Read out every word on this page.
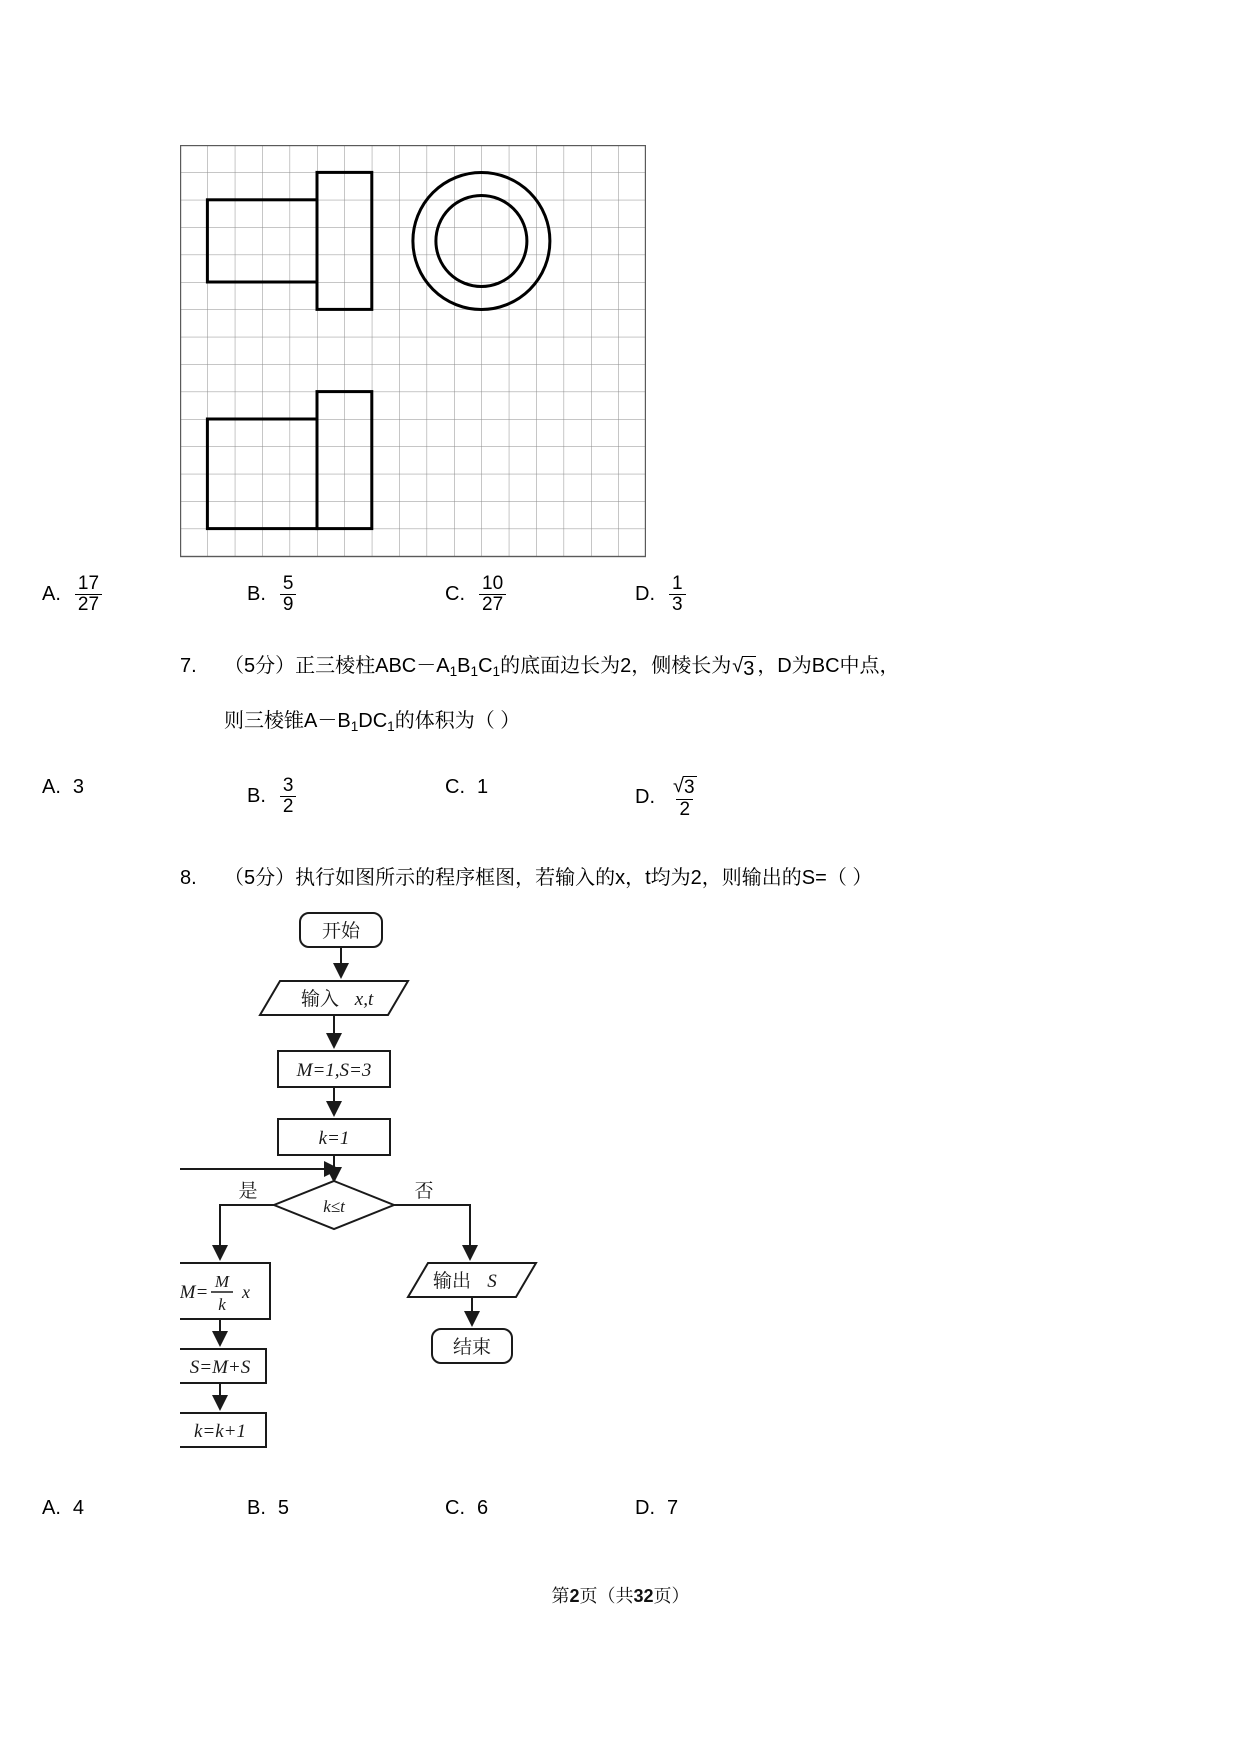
A. $\frac{17}{27}$	B. $\frac{5}{9}$	C. $\frac{10}{27}$	D. $\frac{1}{3}$
7.	（5分）正三棱柱$ABC-A_1B_1C_1$的底面边长为2，侧棱长为 √ 3 ，D为BC中点，
则三棱锥$A-B_1DC_1$的体积为（ ）
A. 3	B. $\frac{3}{2}$	C. 1	D. $\frac{√ 3}{2}$
8.	（5分）执行如图所示的程序框图，若输入的x，t均为2，则输出的S=（ ）
开始
输入 x,t
M=1,S=3
k=1
k≤t
是	否
M=
M
k
x
S=M+S
k=k+1
输出 S
结束
A. 4	B. 5	C. 6	D. 7
第2页（共32页）
